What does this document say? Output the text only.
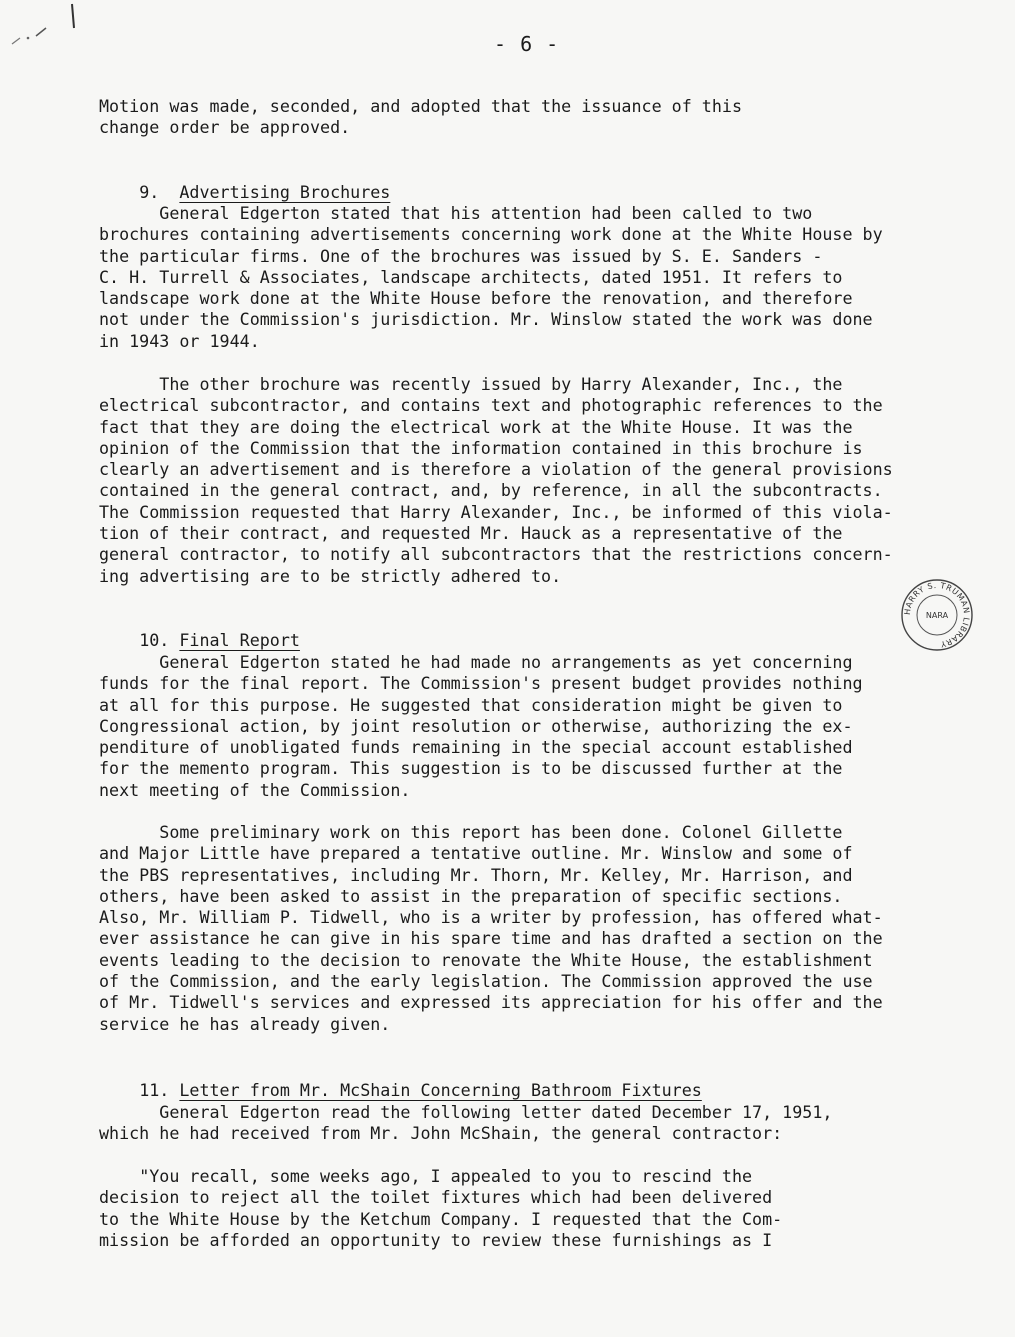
- 6 -

Motion was made, seconded, and adopted that the issuance of this
change order be approved.

9. Advertising Brochures

General Edgerton stated that his attention had been called to two
brochures containing advertisements concerning work done at the White House by
the particular firms. One of the brochures was issued by S. E. Sanders -
C. H. Turrell & Associates, landscape architects, dated 1951. It refers to
landscape work done at the White House before the renovation, and therefore
not under the Commission's jurisdiction. Mr. Winslow stated the work was done
in 1943 or 1944.

The other brochure was recently issued by Harry Alexander, Inc., the
electrical subcontractor, and contains text and photographic references to the
fact that they are doing the electrical work at the White House. It was the
opinion of the Commission that the information contained in this brochure is
clearly an advertisement and is therefore a violation of the general provisions
contained in the general contract, and, by reference, in all the subcontracts.
The Commission requested that Harry Alexander, Inc., be informed of this viola-
tion of their contract, and requested Mr. Hauck as a representative of the
general contractor, to notify all subcontractors that the restrictions concern-
ing advertising are to be strictly adhered to.

10. Final Report

General Edgerton stated he had made no arrangements as yet concerning
funds for the final report. The Commission's present budget provides nothing
at all for this purpose. He suggested that consideration might be given to
Congressional action, by joint resolution or otherwise, authorizing the ex-
penditure of unobligated funds remaining in the special account established
for the memento program. This suggestion is to be discussed further at the
next meeting of the Commission.

Some preliminary work on this report has been done. Colonel Gillette
and Major Little have prepared a tentative outline. Mr. Winslow and some of
the PBS representatives, including Mr. Thorn, Mr. Kelley, Mr. Harrison, and
others, have been asked to assist in the preparation of specific sections.
Also, Mr. William P. Tidwell, who is a writer by profession, has offered what-
ever assistance he can give in his spare time and has drafted a section on the
events leading to the decision to renovate the White House, the establishment
of the Commission, and the early legislation. The Commission approved the use
of Mr. Tidwell's services and expressed its appreciation for his offer and the
service he has already given.

11. Letter from Mr. McShain Concerning Bathroom Fixtures

General Edgerton read the following letter dated December 17, 1951,
which he had received from Mr. John McShain, the general contractor:

"You recall, some weeks ago, I appealed to you to rescind the
decision to reject all the toilet fixtures which had been delivered
to the White House by the Ketchum Company. I requested that the Com-
mission be afforded an opportunity to review these furnishings as I

HARRY S. TRUMAN LIBRARY
NARA
